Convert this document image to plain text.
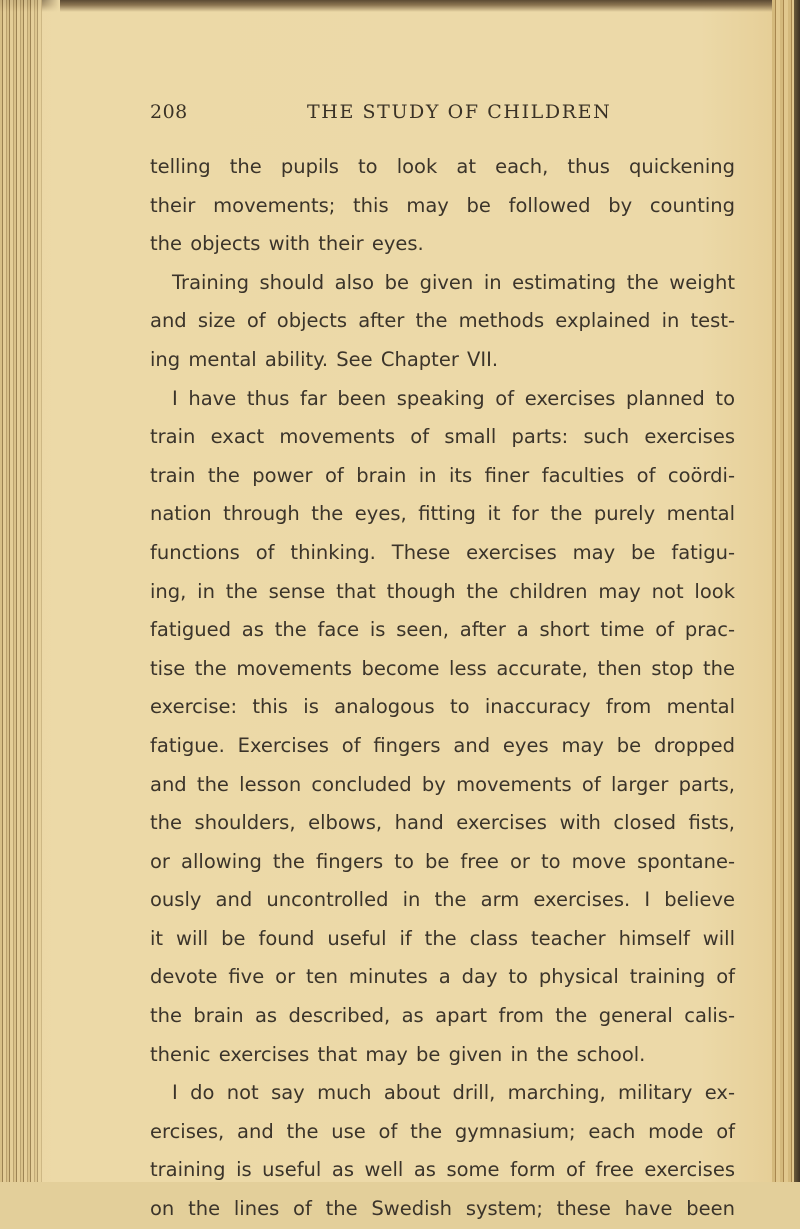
208	THE STUDY OF CHILDREN
telling the pupils to look at each, thus quickening
their movements; this may be followed by counting
the objects with their eyes.
Training should also be given in estimating the weight
and size of objects after the methods explained in test-
ing mental ability. See Chapter VII.
I have thus far been speaking of exercises planned to
train exact movements of small parts: such exercises
train the power of brain in its finer faculties of coördi-
nation through the eyes, fitting it for the purely mental
functions of thinking. These exercises may be fatigu-
ing, in the sense that though the children may not look
fatigued as the face is seen, after a short time of prac-
tise the movements become less accurate, then stop the
exercise: this is analogous to inaccuracy from mental
fatigue. Exercises of fingers and eyes may be dropped
and the lesson concluded by movements of larger parts,
the shoulders, elbows, hand exercises with closed fists,
or allowing the fingers to be free or to move spontane-
ously and uncontrolled in the arm exercises. I believe
it will be found useful if the class teacher himself will
devote five or ten minutes a day to physical training of
the brain as described, as apart from the general calis-
thenic exercises that may be given in the school.
I do not say much about drill, marching, military ex-
ercises, and the use of the gymnasium; each mode of
training is useful as well as some form of free exercises
on the lines of the Swedish system; these have been
